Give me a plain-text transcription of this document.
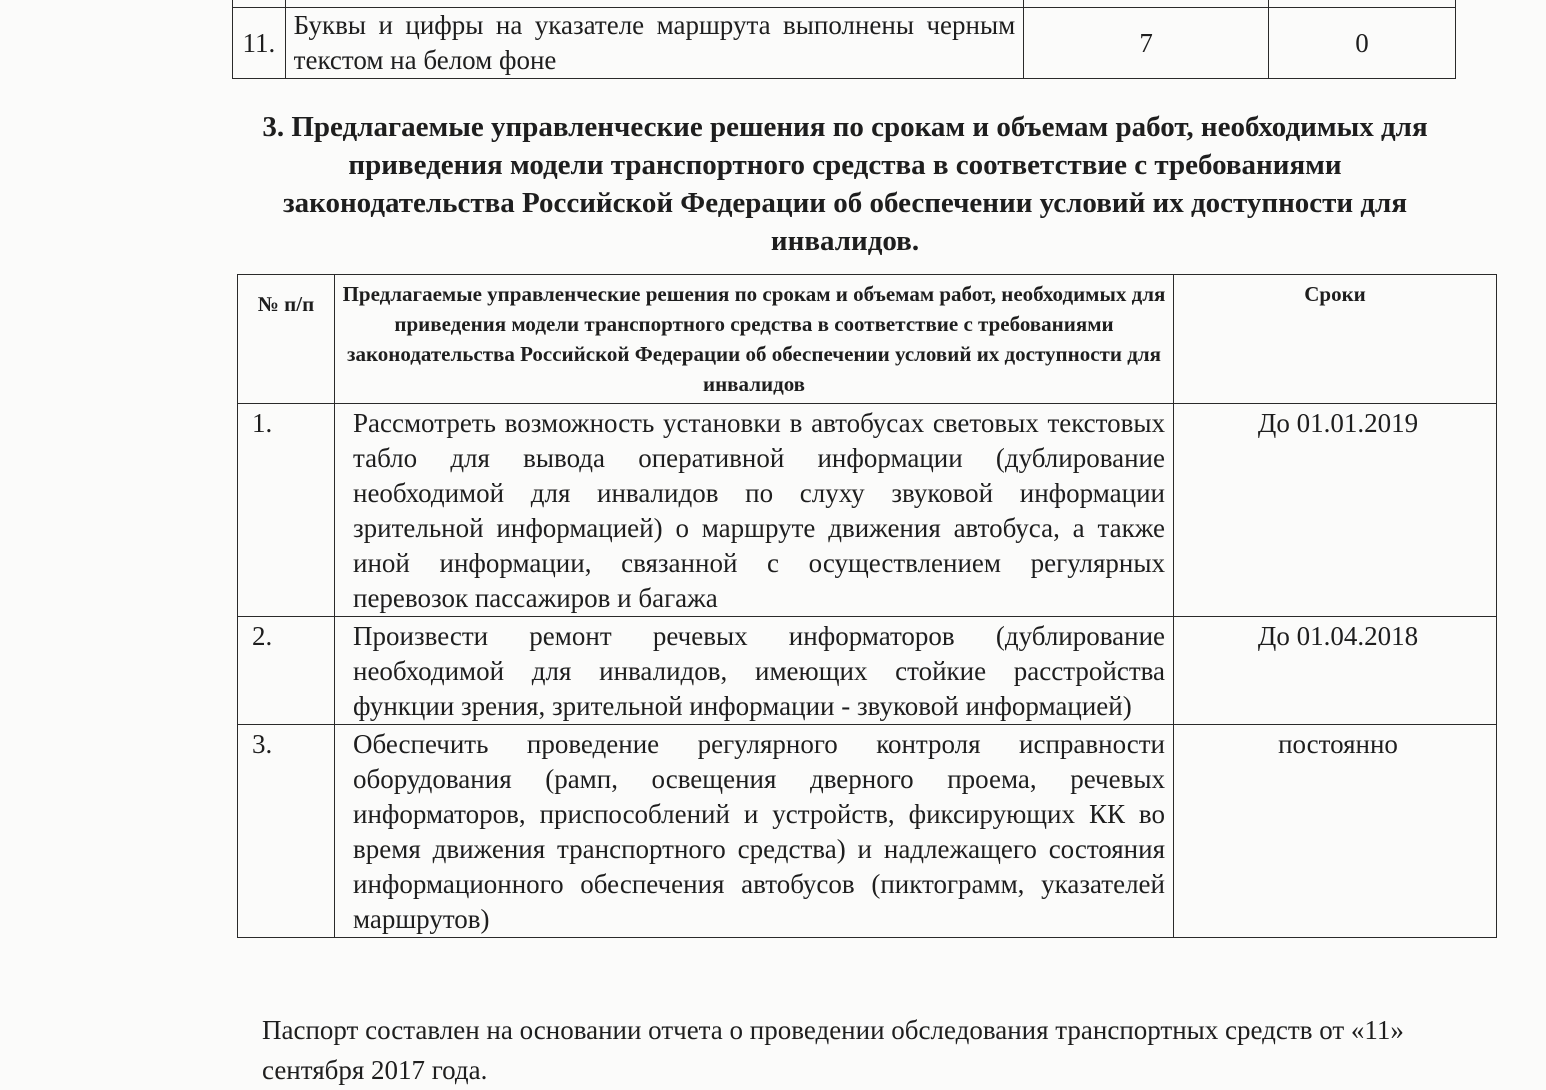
11.	Буквы и цифры на указателе маршрута выполнены черным текстом на белом фоне	7	0
3. Предлагаемые управленческие решения по срокам и объемам работ, необходимых для приведения модели транспортного средства в соответствие с требованиями законодательства Российской Федерации об обеспечении условий их доступности для инвалидов.
№ п/п	Предлагаемые управленческие решения по срокам и объемам работ, необходимых для приведения модели транспортного средства в соответствие с требованиями законодательства Российской Федерации об обеспечении условий их доступности для инвалидов	Сроки
1.	Рассмотреть возможность установки в автобусах световых текстовых табло для вывода оперативной информации (дублирование необходимой для инвалидов по слуху звуковой информации зрительной информацией) о маршруте движения автобуса, а также иной информации, связанной с осуществлением регулярных перевозок пассажиров и багажа	До 01.01.2019
2.	Произвести ремонт речевых информаторов (дублирование необходимой для инвалидов, имеющих стойкие расстройства функции зрения, зрительной информации - звуковой информацией)	До 01.04.2018
3.	Обеспечить проведение регулярного контроля исправности оборудования (рамп, освещения дверного проема, речевых информаторов, приспособлений и устройств, фиксирующих КК во время движения транспортного средства) и надлежащего состояния информационного обеспечения автобусов (пиктограмм, указателей маршрутов)	постоянно
Паспорт составлен на основании отчета о проведении обследования транспортных средств от «11» сентября 2017 года.
